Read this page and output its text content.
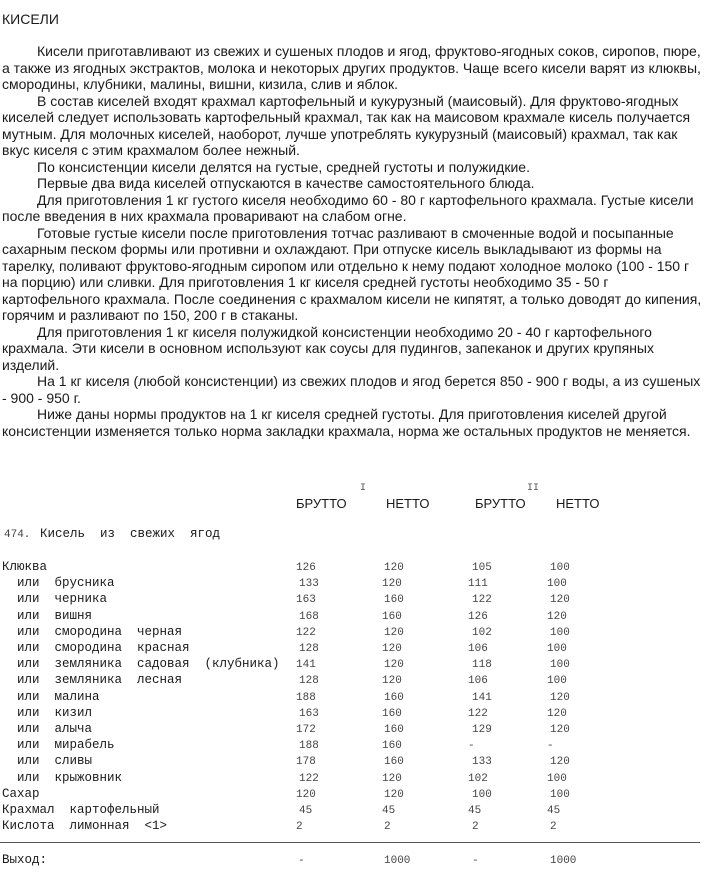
КИСЕЛИ

Кисели приготавливают из свежих и сушеных плодов и ягод, фруктово-ягодных соков, сиропов, пюре, а также из ягодных экстрактов, молока и некоторых других продуктов. Чаще всего кисели варят из клюквы, смородины, клубники, малины, вишни, кизила, слив и яблок.

В состав киселей входят крахмал картофельный и кукурузный (маисовый). Для фруктово-ягодных киселей следует использовать картофельный крахмал, так как на маисовом крахмале кисель получается мутным. Для молочных киселей, наоборот, лучше употреблять кукурузный (маисовый) крахмал, так как вкус киселя с этим крахмалом более нежный.

По консистенции кисели делятся на густые, средней густоты и полужидкие.

Первые два вида киселей отпускаются в качестве самостоятельного блюда.

Для приготовления 1 кг густого киселя необходимо 60 - 80 г картофельного крахмала. Густые кисели после введения в них крахмала проваривают на слабом огне.

Готовые густые кисели после приготовления тотчас разливают в смоченные водой и посыпанные сахарным песком формы или противни и охлаждают. При отпуске кисель выкладывают из формы на тарелку, поливают фруктово-ягодным сиропом или отдельно к нему подают холодное молоко (100 - 150 г на порцию) или сливки. Для приготовления 1 кг киселя средней густоты необходимо 35 - 50 г картофельного крахмала. После соединения с крахмалом кисели не кипятят, а только доводят до кипения, горячим и разливают по 150, 200 г в стаканы.

Для приготовления 1 кг киселя полужидкой консистенции необходимо 20 - 40 г картофельного крахмала. Эти кисели в основном используют как соусы для пудингов, запеканок и других крупяных изделий.

На 1 кг киселя (любой консистенции) из свежих плодов и ягод берется 850 - 900 г воды, а из сушеных - 900 - 950 г.

Ниже даны нормы продуктов на 1 кг киселя средней густоты. Для приготовления киселей другой консистенции изменяется только норма закладки крахмала, норма же остальных продуктов не меняется.

I	II
БРУТТО	НЕТТО	БРУТТО НЕТТО
474. Кисель  из  свежих  ягод
Клюква	126	120	105	100
или  брусника	133	120	111	100
или  черника	163	160	122	120
или  вишня	168	160	126	120
или  смородина  черная	122	120	102	100
или  смородина  красная	128	120	106	100
или  земляника  садовая  (клубника) 141	120	118	100
или  земляника  лесная	128	120	106	100
или  малина	188	160	141	120
или  кизил	163	160	122	120
или  алыча	172	160	129	120
или  мирабель	188	160	-	-
или  сливы	178	160	133	120
или  крыжовник	122	120	102	100
Сахар	120	120	100	100
Крахмал  картофельный	45	45	45	45
Кислота  лимонная  <1>	2	2	2	2
Выход:	-	1000	-	1000
